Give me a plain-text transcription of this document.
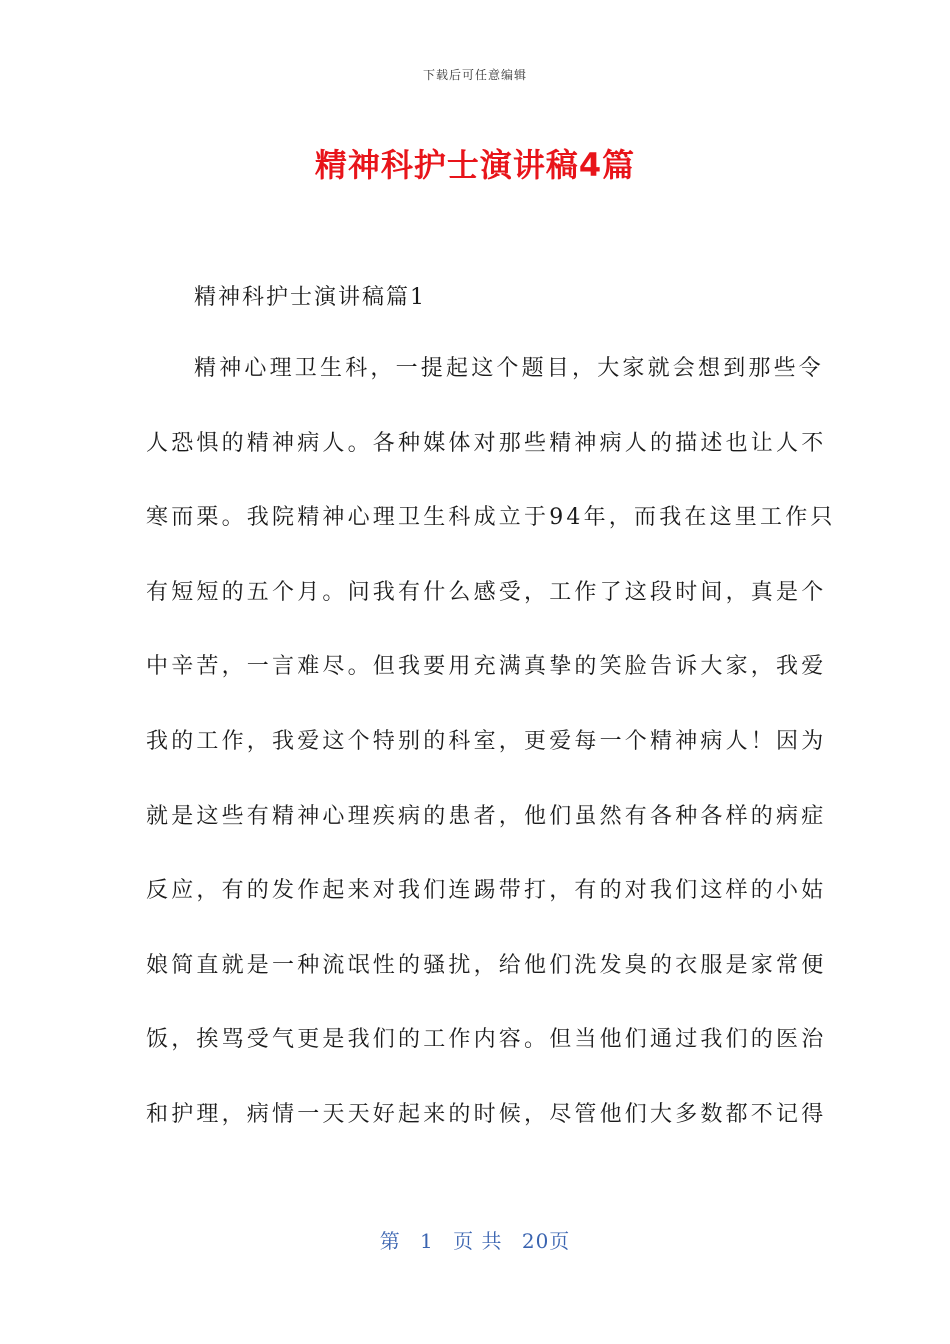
下载后可任意编辑
精神科护士演讲稿4篇
精神科护士演讲稿篇1
精神心理卫生科，一提起这个题目，大家就会想到那些令
人恐惧的精神病人。各种媒体对那些精神病人的描述也让人不
寒而栗。我院精神心理卫生科成立于94年，而我在这里工作只
有短短的五个月。问我有什么感受，工作了这段时间，真是个
中辛苦，一言难尽。但我要用充满真挚的笑脸告诉大家，我爱
我的工作，我爱这个特别的科室，更爱每一个精神病人！因为
就是这些有精神心理疾病的患者，他们虽然有各种各样的病症
反应，有的发作起来对我们连踢带打，有的对我们这样的小姑
娘简直就是一种流氓性的骚扰，给他们洗发臭的衣服是家常便
饭，挨骂受气更是我们的工作内容。但当他们通过我们的医治
和护理，病情一天天好起来的时候，尽管他们大多数都不记得
第 1 页 共 20页
